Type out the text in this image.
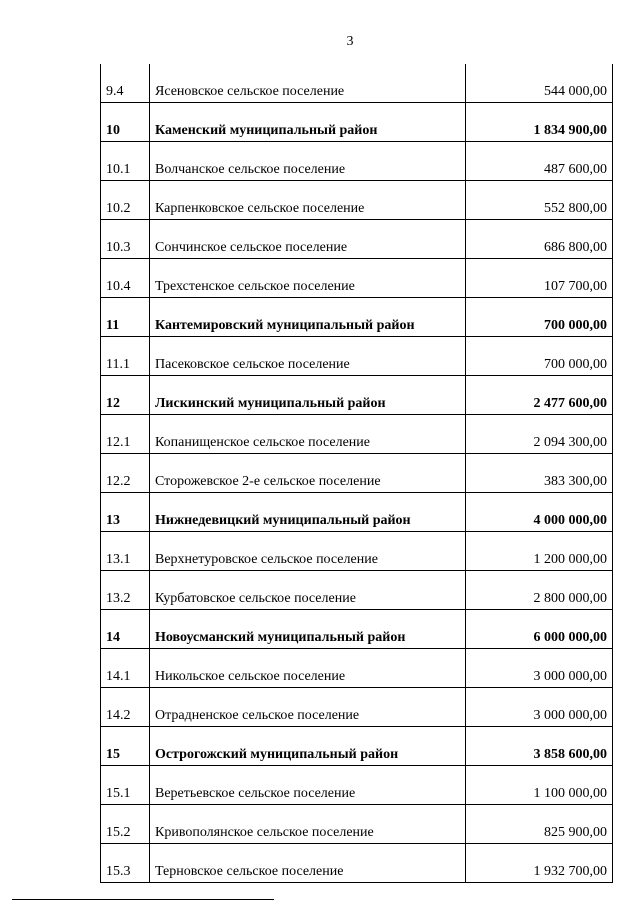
3
9.4	Ясеновское сельское поселение	544 000,00
10	Каменский муниципальный район	1 834 900,00
10.1	Волчанское сельское поселение	487 600,00
10.2	Карпенковское сельское поселение	552 800,00
10.3	Сончинское сельское поселение	686 800,00
10.4	Трехстенское сельское поселение	107 700,00
11	Кантемировский муниципальный район	700 000,00
11.1	Пасековское сельское поселение	700 000,00
12	Лискинский муниципальный район	2 477 600,00
12.1	Копанищенское сельское поселение	2 094 300,00
12.2	Сторожевское 2-е сельское поселение	383 300,00
13	Нижнедевицкий муниципальный район	4 000 000,00
13.1	Верхнетуровское сельское поселение	1 200 000,00
13.2	Курбатовское сельское поселение	2 800 000,00
14	Новоусманский муниципальный район	6 000 000,00
14.1	Никольское сельское поселение	3 000 000,00
14.2	Отрадненское сельское поселение	3 000 000,00
15	Острогожский муниципальный район	3 858 600,00
15.1	Веретьевское сельское поселение	1 100 000,00
15.2	Кривополянское сельское поселение	825 900,00
15.3	Терновское сельское поселение	1 932 700,00
